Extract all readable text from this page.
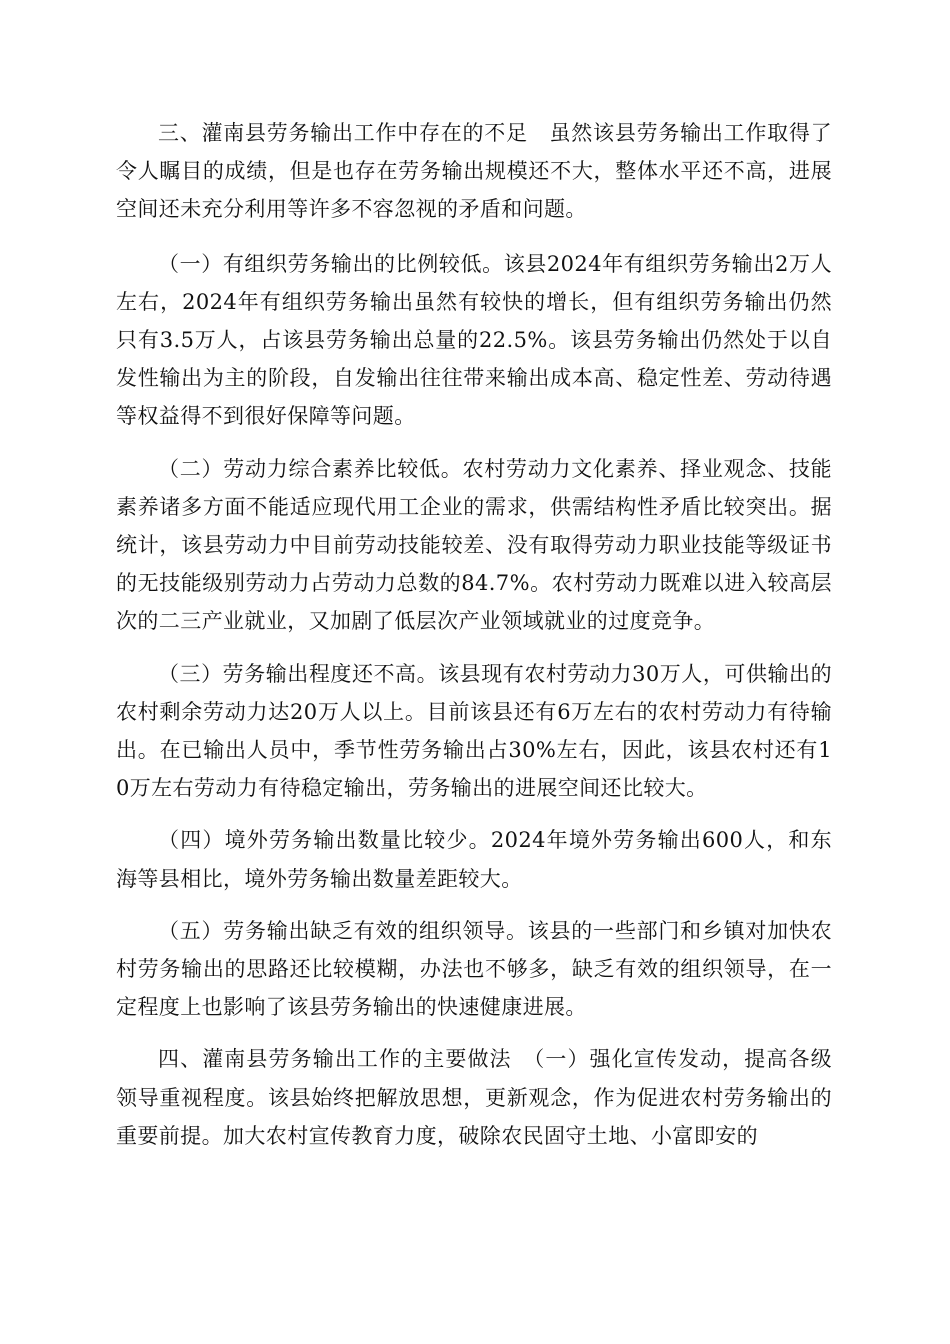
三、灌南县劳务输出工作中存在的不足　虽然该县劳务输出工作取得了令人瞩目的成绩，但是也存在劳务输出规模还不大，整体水平还不高，进展空间还未充分利用等许多不容忽视的矛盾和问题。

（一）有组织劳务输出的比例较低。该县2024年有组织劳务输出2万人左右，2024年有组织劳务输出虽然有较快的增长，但有组织劳务输出仍然只有3.5万人，占该县劳务输出总量的22.5%。该县劳务输出仍然处于以自发性输出为主的阶段，自发输出往往带来输出成本高、稳定性差、劳动待遇等权益得不到很好保障等问题。

（二）劳动力综合素养比较低。农村劳动力文化素养、择业观念、技能素养诸多方面不能适应现代用工企业的需求，供需结构性矛盾比较突出。据统计，该县劳动力中目前劳动技能较差、没有取得劳动力职业技能等级证书的无技能级别劳动力占劳动力总数的84.7%。农村劳动力既难以进入较高层次的二三产业就业，又加剧了低层次产业领域就业的过度竞争。

（三）劳务输出程度还不高。该县现有农村劳动力30万人，可供输出的农村剩余劳动力达20万人以上。目前该县还有6万左右的农村劳动力有待输出。在已输出人员中，季节性劳务输出占30%左右，因此，该县农村还有10万左右劳动力有待稳定输出，劳务输出的进展空间还比较大。

（四）境外劳务输出数量比较少。2024年境外劳务输出600人，和东海等县相比，境外劳务输出数量差距较大。

（五）劳务输出缺乏有效的组织领导。该县的一些部门和乡镇对加快农村劳务输出的思路还比较模糊，办法也不够多，缺乏有效的组织领导，在一定程度上也影响了该县劳务输出的快速健康进展。

四、灌南县劳务输出工作的主要做法　（一）强化宣传发动，提高各级领导重视程度。该县始终把解放思想，更新观念，作为促进农村劳务输出的重要前提。加大农村宣传教育力度，破除农民固守土地、小富即安的
